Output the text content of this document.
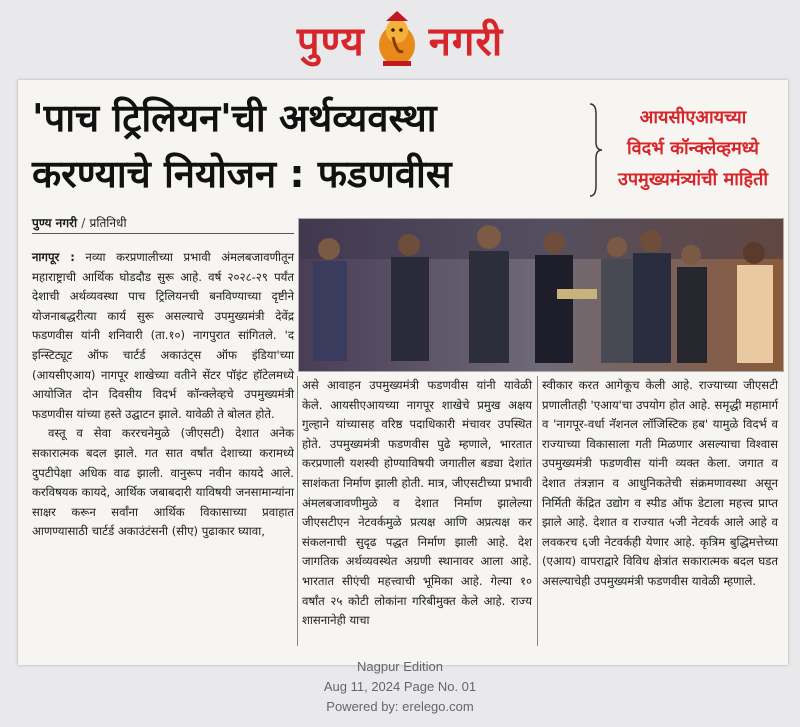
पुण्य नगरी
'पाच ट्रिलियन'ची अर्थव्यवस्था
करण्याचे नियोजन : फडणवीस
आयसीएआयच्या
विदर्भ कॉन्क्लेव्हमध्ये
उपमुख्यमंत्र्यांची माहिती
पुण्य नगरी / प्रतिनिधी

नागपूर : नव्या करप्रणालीच्या प्रभावी अंमलबजावणीतून महाराष्ट्राची आर्थिक घोडदौड सुरू आहे. वर्ष २०२८-२९ पर्यंत देशाची अर्थव्यवस्था पाच ट्रिलियनची बनविण्याच्या दृष्टीने योजनाबद्धरीत्या कार्य सुरू असल्याचे उपमुख्यमंत्री देवेंद्र फडणवीस यांनी शनिवारी (ता.१०) नागपुरात सांगितले. 'द इन्स्टिट्यूट ऑफ चार्टर्ड अकाउंट्स ऑफ इंडिया'च्या (आयसीएआय) नागपूर शाखेच्या वतीने सेंटर पॉइंट हॉटेलमध्ये आयोजित दोन दिवसीय विदर्भ कॉन्क्लेव्हचे उपमुख्यमंत्री फडणवीस यांच्या हस्ते उद्घाटन झाले. यावेळी ते बोलत होते.

वस्तू व सेवा कररचनेमुळे (जीएसटी) देशात अनेक सकारात्मक बदल झाले. गत सात वर्षांत देशाच्या करामध्ये दुपटीपेक्षा अधिक वाढ झाली. वानुरूप नवीन कायदे आले. करविषयक कायदे, आर्थिक जबाबदारी याविषयी जनसामान्यांना साक्षर करून सर्वांना आर्थिक विकासाच्या प्रवाहात आणण्यासाठी चार्टर्ड अकाउंटंसनी (सीए) पुढाकार घ्यावा,

असे आवाहन उपमुख्यमंत्री फडणवीस यांनी यावेळी केले. आयसीएआयच्या नागपूर शाखेचे प्रमुख अक्षय गुल्हाने यांच्यासह वरिष्ठ पदाधिकारी मंचावर उपस्थित होते. उपमुख्यमंत्री फडणवीस पुढे म्हणाले, भारतात करप्रणाली यशस्वी होण्याविषयी जगातील बड्या देशांत साशंकता निर्माण झाली होती. मात्र, जीएसटीच्या प्रभावी अंमलबजावणीमुळे व देशात निर्माण झालेल्या जीएसटीएन नेटवर्कमुळे प्रत्यक्ष आणि अप्रत्यक्ष कर संकलनाची सुदृढ पद्धत निर्माण झाली आहे. देश जागतिक अर्थव्यवस्थेत अग्रणी स्थानावर आला आहे. भारतात सीएंची महत्त्वाची भूमिका आहे. गेल्या १० वर्षांत २५ कोटी लोकांना गरिबीमुक्त केले आहे. राज्य शासनानेही याचा

स्वीकार करत आगेकूच केली आहे. राज्याच्या जीएसटी प्रणालीतही 'एआय'चा उपयोग होत आहे. समृद्धी महामार्ग व 'नागपूर-वर्धा नॅशनल लॉजिस्टिक हब' यामुळे विदर्भ व राज्याच्या विकासाला गती मिळणार असल्याचा विश्वास उपमुख्यमंत्री फडणवीस यांनी व्यक्त केला. जगात व देशात तंत्रज्ञान व आधुनिकतेची संक्रमणावस्था असून निर्मिती केंद्रित उद्योग व स्पीड ऑफ डेटाला महत्त्व प्राप्त झाले आहे. देशात व राज्यात ५जी नेटवर्क आले आहे व लवकरच ६जी नेटवर्कही येणार आहे. कृत्रिम बुद्धिमत्तेच्या (एआय) वापराद्वारे विविध क्षेत्रांत सकारात्मक बदल घडत असल्याचेही उपमुख्यमंत्री फडणवीस यावेळी म्हणाले.

Nagpur Edition
Aug 11, 2024 Page No. 01
Powered by: erelego.com
